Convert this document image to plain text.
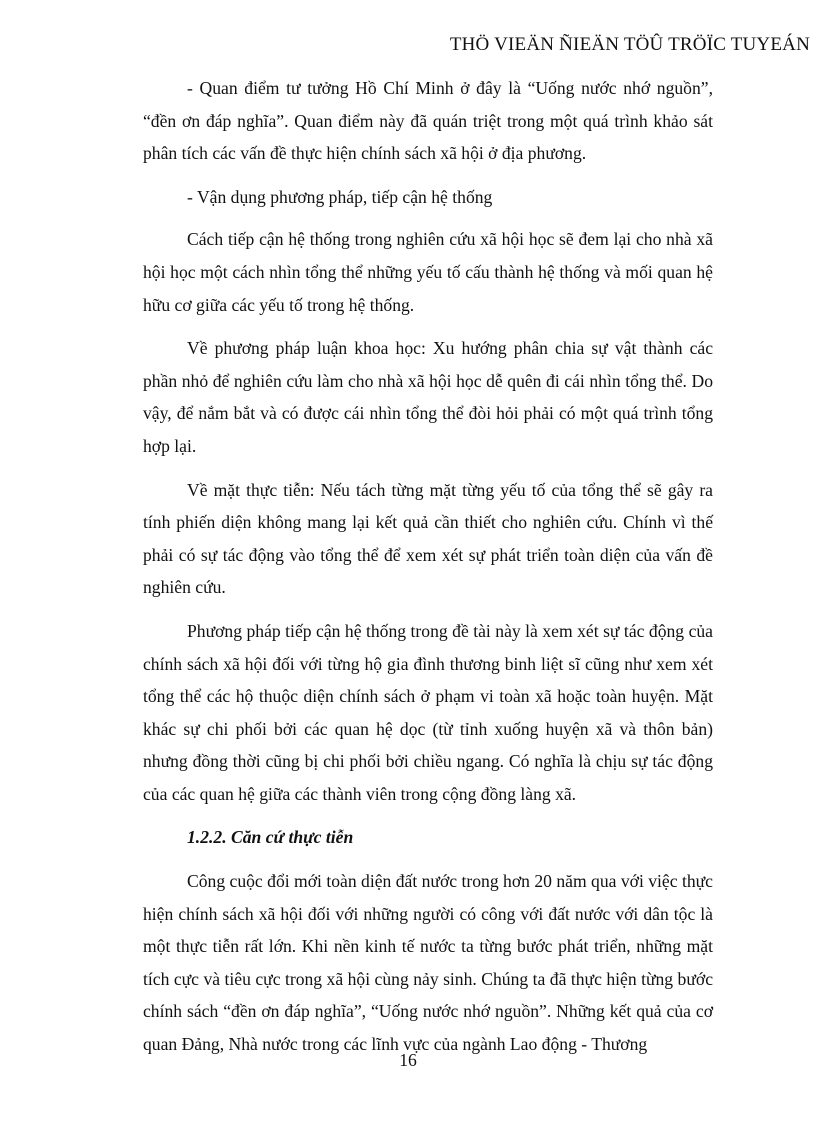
THÖ VIEÄN ÑIEÄN TÖÛ TRÖÏC TUYEÁN

- Quan điểm tư tưởng Hồ Chí Minh ở đây là “Uống nước nhớ nguồn”, “đền ơn đáp nghĩa”. Quan điểm này đã quán triệt trong một quá trình khảo sát phân tích các vấn đề thực hiện chính sách xã hội ở địa phương.

- Vận dụng phương pháp, tiếp cận hệ thống

Cách tiếp cận hệ thống trong nghiên cứu xã hội học sẽ đem lại cho nhà xã hội học một cách nhìn tổng thể những yếu tố cấu thành hệ thống và mối quan hệ hữu cơ giữa các yếu tố trong hệ thống.

Về phương pháp luận khoa học: Xu hướng phân chia sự vật thành các phần nhỏ để nghiên cứu làm cho nhà xã hội học dễ quên đi cái nhìn tổng thể. Do vậy, để nắm bắt và có được cái nhìn tổng thể đòi hỏi phải có một quá trình tổng hợp lại.

Về mặt thực tiễn: Nếu tách từng mặt từng yếu tố của tổng thể sẽ gây ra tính phiến diện không mang lại kết quả cần thiết cho nghiên cứu. Chính vì thế phải có sự tác động vào tổng thể để xem xét sự phát triển toàn diện của vấn đề nghiên cứu.

Phương pháp tiếp cận hệ thống trong đề tài này là xem xét sự tác động của chính sách xã hội đối với từng hộ gia đình thương binh liệt sĩ cũng như xem xét tổng thể các hộ thuộc diện chính sách ở phạm vi toàn xã hoặc toàn huyện. Mặt khác sự chi phối bởi các quan hệ dọc (từ tỉnh xuống huyện xã và thôn bản) nhưng đồng thời cũng bị chi phối bởi chiều ngang. Có nghĩa là chịu sự tác động của các quan hệ giữa các thành viên trong cộng đồng làng xã.

1.2.2. Căn cứ thực tiễn

Công cuộc đổi mới toàn diện đất nước trong hơn 20 năm qua với việc thực hiện chính sách xã hội đối với những người có công với đất nước với dân tộc là một thực tiễn rất lớn. Khi nền kinh tế nước ta từng bước phát triển, những mặt tích cực và tiêu cực trong xã hội cùng nảy sinh. Chúng ta đã thực hiện từng bước chính sách “đền ơn đáp nghĩa”, “Uống nước nhớ nguồn”. Những kết quả của cơ quan Đảng, Nhà nước trong các lĩnh vực của ngành Lao động - Thương

16
